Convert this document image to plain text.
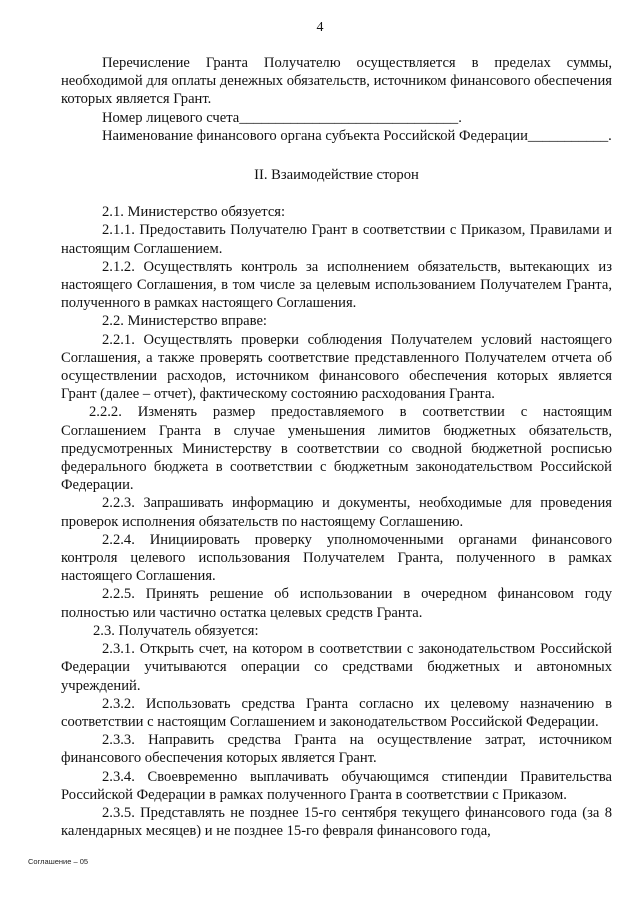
4

Перечисление Гранта Получателю осуществляется в пределах суммы, необходимой для оплаты денежных обязательств, источником финансового обеспечения которых является Грант.

Номер лицевого счета______________________________.

Наименование финансового органа субъекта Российской Федерации___________.

II. Взаимодействие сторон

2.1. Министерство обязуется:

2.1.1. Предоставить Получателю Грант в соответствии с Приказом, Правилами и настоящим Соглашением.

2.1.2. Осуществлять контроль за исполнением обязательств, вытекающих из настоящего Соглашения, в том числе за целевым использованием Получателем Гранта, полученного в рамках настоящего Соглашения.

2.2. Министерство вправе:

2.2.1. Осуществлять проверки соблюдения Получателем условий настоящего Соглашения, а также проверять соответствие представленного Получателем отчета об осуществлении расходов, источником финансового обеспечения которых является Грант (далее – отчет), фактическому состоянию расходования Гранта.

2.2.2. Изменять размер предоставляемого в соответствии с настоящим Соглашением Гранта в случае уменьшения лимитов бюджетных обязательств, предусмотренных Министерству в соответствии со сводной бюджетной росписью федерального бюджета в соответствии с бюджетным законодательством Российской Федерации.

2.2.3. Запрашивать информацию и документы, необходимые для проведения проверок исполнения обязательств по настоящему Соглашению.

2.2.4. Инициировать проверку уполномоченными органами финансового контроля целевого использования Получателем Гранта, полученного в рамках настоящего Соглашения.

2.2.5. Принять решение об использовании в очередном финансовом году полностью или частично остатка целевых средств Гранта.

2.3. Получатель обязуется:

2.3.1. Открыть счет, на котором в соответствии с законодательством Российской Федерации учитываются операции со средствами бюджетных и автономных учреждений.

2.3.2. Использовать средства Гранта согласно их целевому назначению в соответствии с настоящим Соглашением и законодательством Российской Федерации.

2.3.3. Направить средства Гранта на осуществление затрат, источником финансового обеспечения которых является Грант.

2.3.4. Своевременно выплачивать обучающимся стипендии Правительства Российской Федерации в рамках полученного Гранта в соответствии с Приказом.

2.3.5. Представлять не позднее 15-го сентября текущего финансового года (за 8 календарных месяцев) и не позднее 15-го февраля финансового года,

Соглашение – 05
